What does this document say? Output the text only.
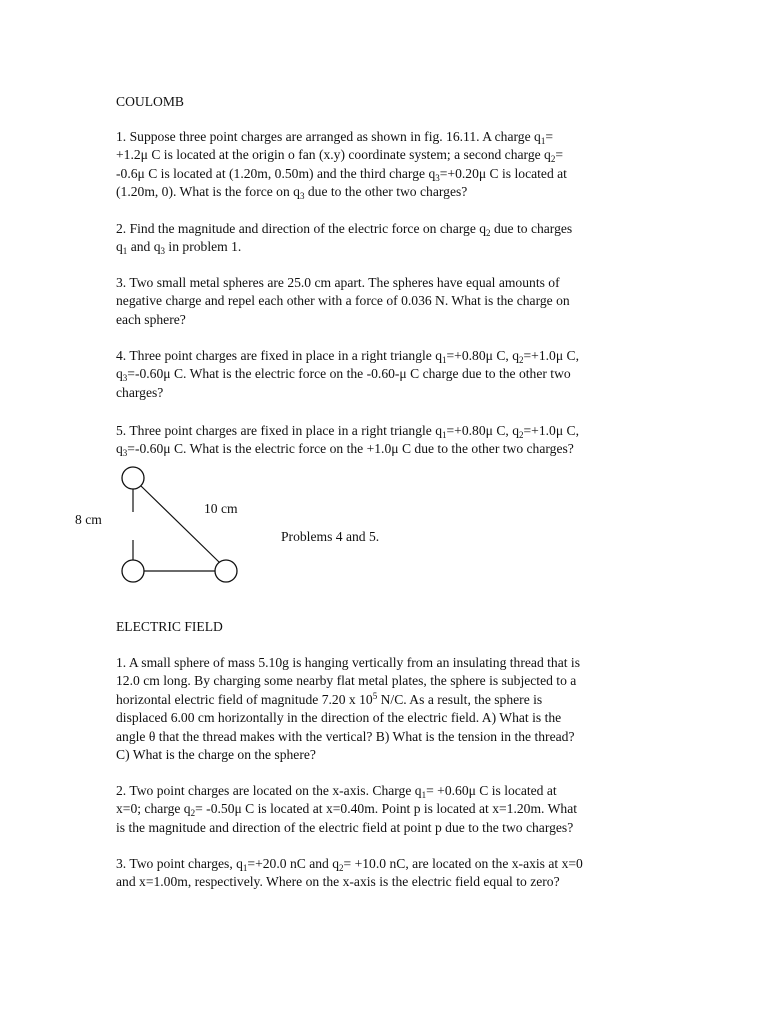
COULOMB
1. Suppose three point charges are arranged as shown in fig. 16.11. A charge $q_1=$
+1.2μ C is located at the origin o fan (x.y) coordinate system; a second charge $q_2=$
-0.6μ C is located at (1.20m, 0.50m) and the third charge $q_3=+0.20\mu$ C is located at
(1.20m, 0). What is the force on $q_3$ due to the other two charges?
2. Find the magnitude and direction of the electric force on charge $q_2$ due to charges
$q_1$ and $q_3$ in problem 1.
3. Two small metal spheres are 25.0 cm apart. The spheres have equal amounts of
negative charge and repel each other with a force of 0.036 N. What is the charge on
each sphere?
4. Three point charges are fixed in place in a right triangle $q_1=+0.80\mu$ C, $q_2=+1.0\mu$ C,
$q_3=-0.60\mu$ C. What is the electric force on the -0.60-μ C charge due to the other two
charges?
5. Three point charges are fixed in place in a right triangle $q_1=+0.80\mu$ C, $q_2=+1.0\mu$ C,
$q_3=-0.60\mu$ C. What is the electric force on the +1.0μ C due to the other two charges?
8 cm
10 cm
Problems 4 and 5.
ELECTRIC FIELD
1. A small sphere of mass 5.10g is hanging vertically from an insulating thread that is
12.0 cm long. By charging some nearby flat metal plates, the sphere is subjected to a
horizontal electric field of magnitude 7.20 x $10^5$ N/C. As a result, the sphere is
displaced 6.00 cm horizontally in the direction of the electric field. A) What is the
angle θ that the thread makes with the vertical? B) What is the tension in the thread?
C) What is the charge on the sphere?
2. Two point charges are located on the x-axis. Charge $q_1= +0.60\mu$ C is located at
x=0; charge $q_2= -0.50\mu$ C is located at x=0.40m. Point p is located at x=1.20m. What
is the magnitude and direction of the electric field at point p due to the two charges?
3. Two point charges, $q_1=+20.0$ nC and $q_2= +10.0$ nC, are located on the x-axis at x=0
and x=1.00m, respectively. Where on the x-axis is the electric field equal to zero?
